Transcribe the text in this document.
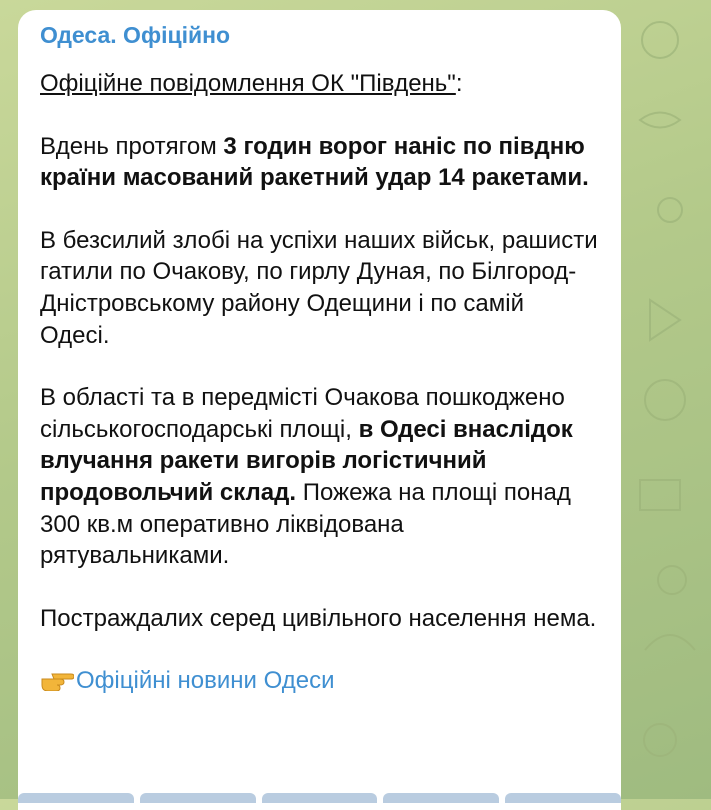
Одеса. Офіційно

Офіційне повідомлення ОК "Південь":

Вдень протягом 3 годин ворог наніс по півдню країни масований ракетний удар 14 ракетами.

В безсилий злобі на успіхи наших військ, рашисти гатили по Очакову, по гирлу Дуная, по Білгород-Дністровському району Одещини і по самій Одесі.

В області та в передмісті Очакова пошкоджено сільськогосподарські площі, в Одесі внаслідок влучання ракети вигорів логістичний продовольчий склад. Пожежа на площі понад 300 кв.м оперативно ліквідована рятувальниками.

Постраждалих серед цивільного населення нема.

Офіційні новини Одеси
